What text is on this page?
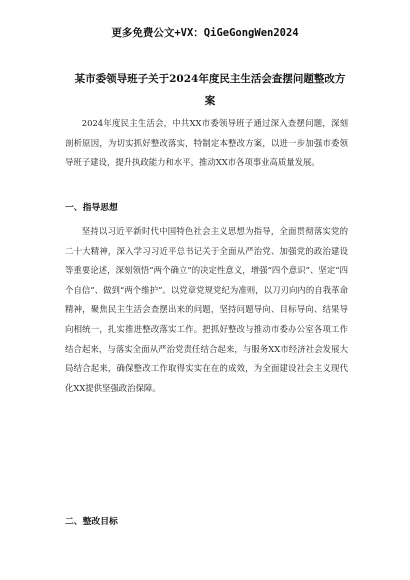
更多免费公文+VX：QiGeGongWen2024
某市委领导班子关于2024年度民主生活会查摆问题整改方案
2024年度民主生活会，中共XX市委领导班子通过深入查摆问题，深刻剖析原因，为切实抓好整改落实，特制定本整改方案，以进一步加强市委领导班子建设，提升执政能力和水平，推动XX市各项事业高质量发展。
一、指导思想
坚持以习近平新时代中国特色社会主义思想为指导，全面贯彻落实党的二十大精神，深入学习习近平总书记关于全面从严治党、加强党的政治建设等重要论述，深刻领悟“两个确立”的决定性意义，增强“四个意识”、坚定“四个自信”、做到“两个维护”。以党章党规党纪为准则，以刀刃向内的自我革命精神，聚焦民主生活会查摆出来的问题，坚持问题导向、目标导向、结果导向相统一，扎实推进整改落实工作。把抓好整改与推动市委办公室各项工作结合起来，与落实全面从严治党责任结合起来，与服务XX市经济社会发展大局结合起来，确保整改工作取得实实在在的成效，为全面建设社会主义现代化XX提供坚强政治保障。
二、整改目标
